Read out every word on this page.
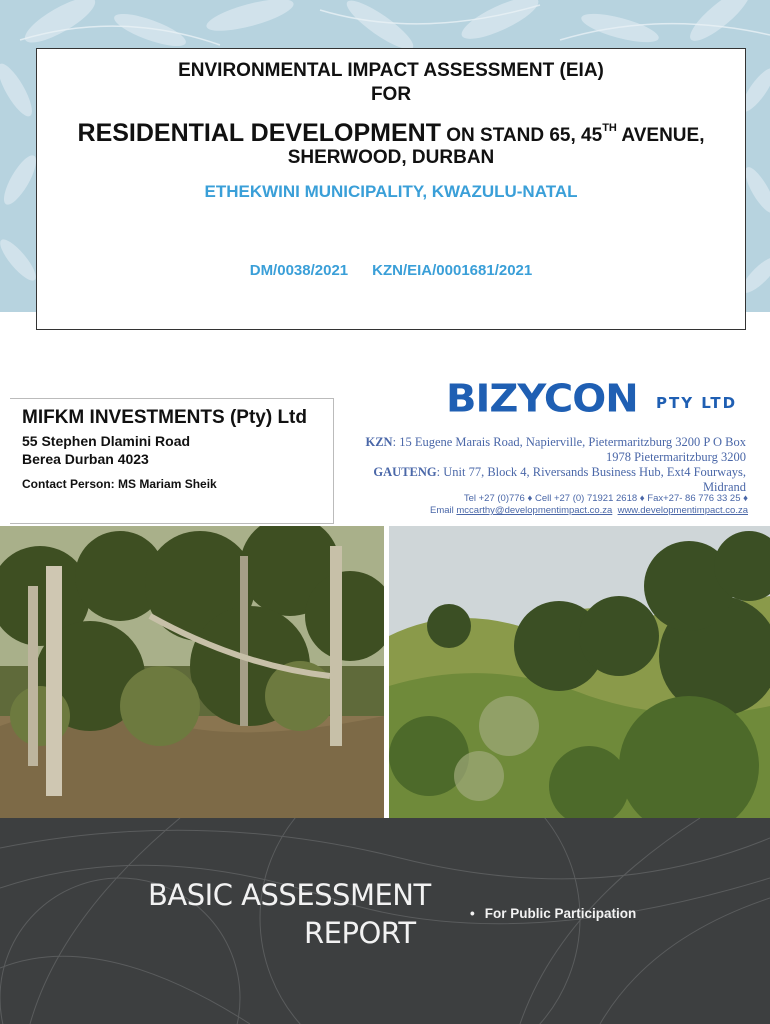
ENVIRONMENTAL IMPACT ASSESSMENT (EIA)
FOR
RESIDENTIAL DEVELOPMENT ON STAND 65, 45TH AVENUE,
SHERWOOD, DURBAN
ETHEKWINI MUNICIPALITY, KWAZULU-NATAL
DM/0038/2021 KZN/EIA/0001681/2021
MIFKM INVESTMENTS (Pty) Ltd
55 Stephen Dlamini Road
Berea Durban 4023
Contact Person: MS Mariam Sheik
BIZYCON PTY LTD
KZN: 15 Eugene Marais Road, Napierville, Pietermaritzburg 3200 P O Box 1978 Pietermaritzburg 3200
GAUTENG: Unit 77, Block 4, Riversands Business Hub, Ext4 Fourways, Midrand
Tel +27 (0)776 ♦ Cell +27 (0) 71921 2618 ♦ Fax+27- 86 776 33 25 ♦
Email mccarthy@developmentimpact.co.za www.developmentimpact.co.za
BASIC ASSESSMENT
REPORT
• For Public Participation
